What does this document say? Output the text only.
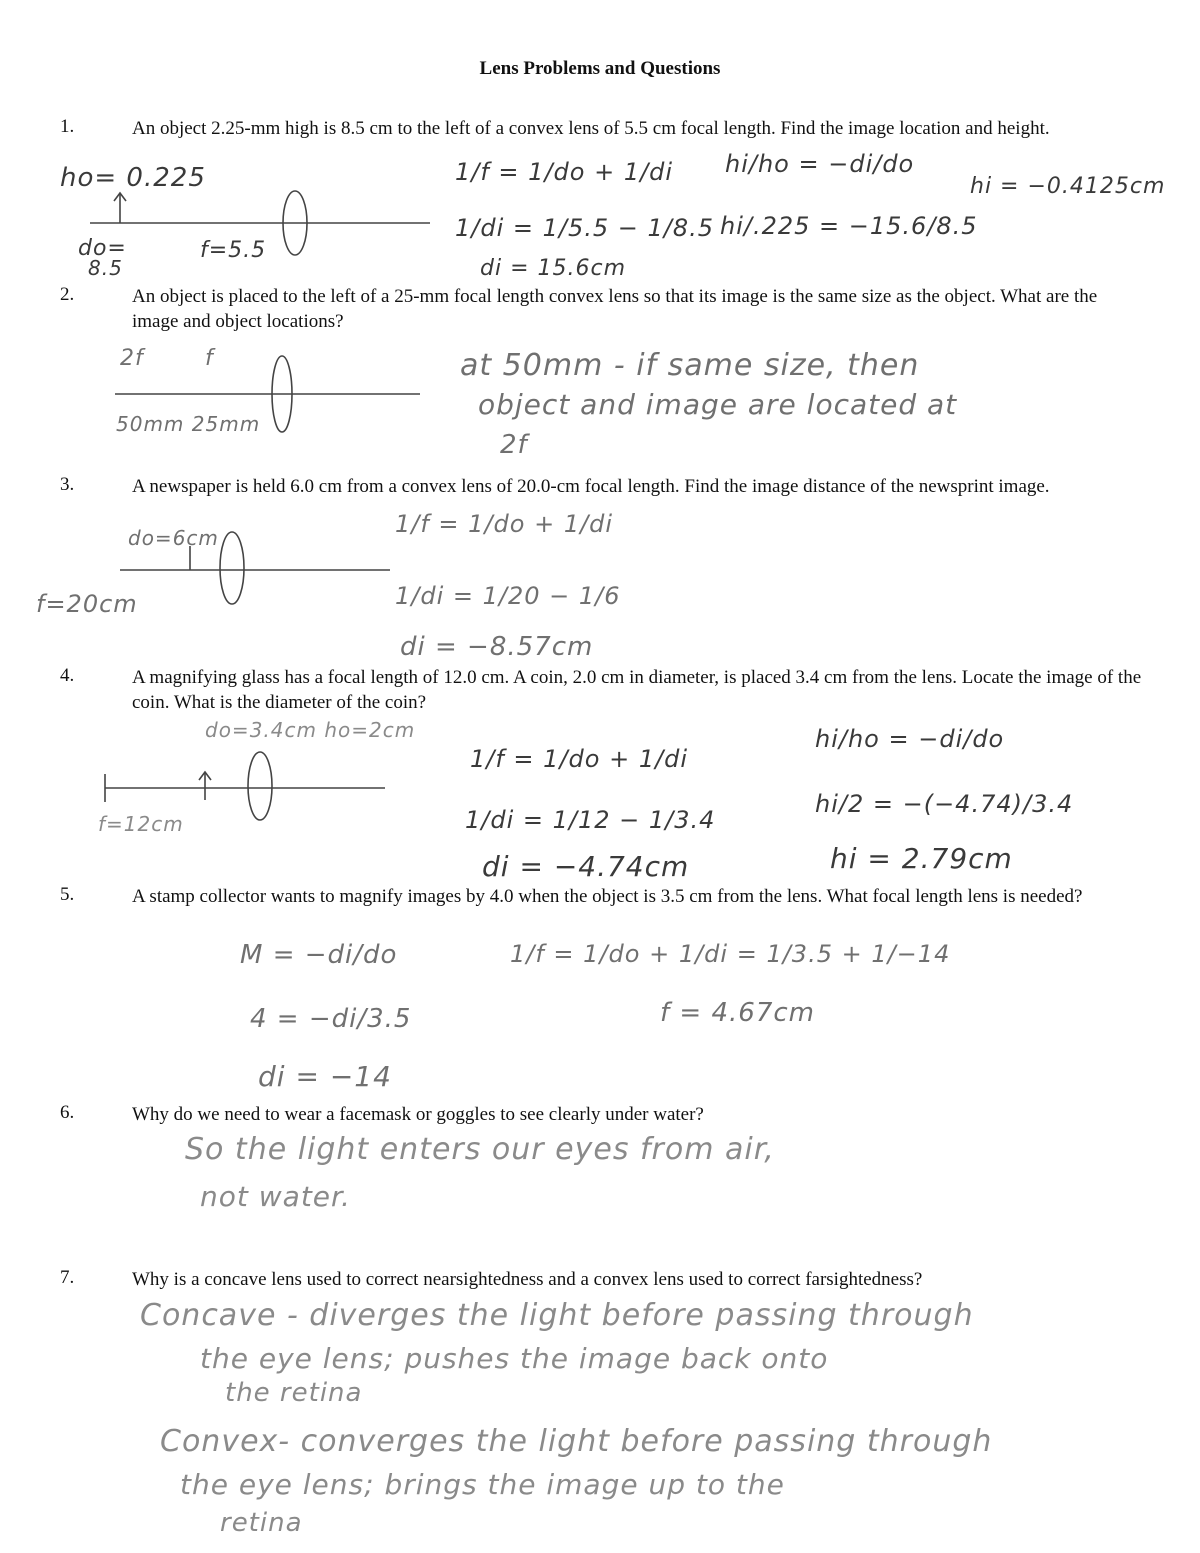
Lens Problems and Questions
1.	An object 2.25-mm high is 8.5 cm to the left of a convex lens of 5.5 cm focal length. Find the image location and height.
ho= 0.225
do=
8.5
f=5.5
1/f = 1/do + 1/di
1/di = 1/5.5 − 1/8.5
di = 15.6cm
hi/ho = −di/do
hi/.225 = −15.6/8.5
hi = −0.4125cm
2.	An object is placed to the left of a 25-mm focal length convex lens so that its image is the same size as the object. What are the image and object locations?
2f	f
50mm 25mm
at 50mm - if same size, then
object and image are located at
2f
3.	A newspaper is held 6.0 cm from a convex lens of 20.0-cm focal length. Find the image distance of the newsprint image.
do=6cm
f=20cm
1/f = 1/do + 1/di
1/di = 1/20 − 1/6
di = −8.57cm
4.	A magnifying glass has a focal length of 12.0 cm. A coin, 2.0 cm in diameter, is placed 3.4 cm from the lens. Locate the image of the coin. What is the diameter of the coin?
do=3.4cm ho=2cm
f=12cm
1/f = 1/do + 1/di
1/di = 1/12 − 1/3.4
di = −4.74cm
hi/ho = −di/do
hi/2 = −(−4.74)/3.4
hi = 2.79cm
5.	A stamp collector wants to magnify images by 4.0 when the object is 3.5 cm from the lens. What focal length lens is needed?
M = −di/do
4 = −di/3.5
di = −14
1/f = 1/do + 1/di = 1/3.5 + 1/−14
f = 4.67cm
6.	Why do we need to wear a facemask or goggles to see clearly under water?
So the light enters our eyes from air,
not water.
7.	Why is a concave lens used to correct nearsightedness and a convex lens used to correct farsightedness?
Concave - diverges the light before passing through
the eye lens; pushes the image back onto
the retina
Convex- converges the light before passing through
the eye lens; brings the image up to the
retina
